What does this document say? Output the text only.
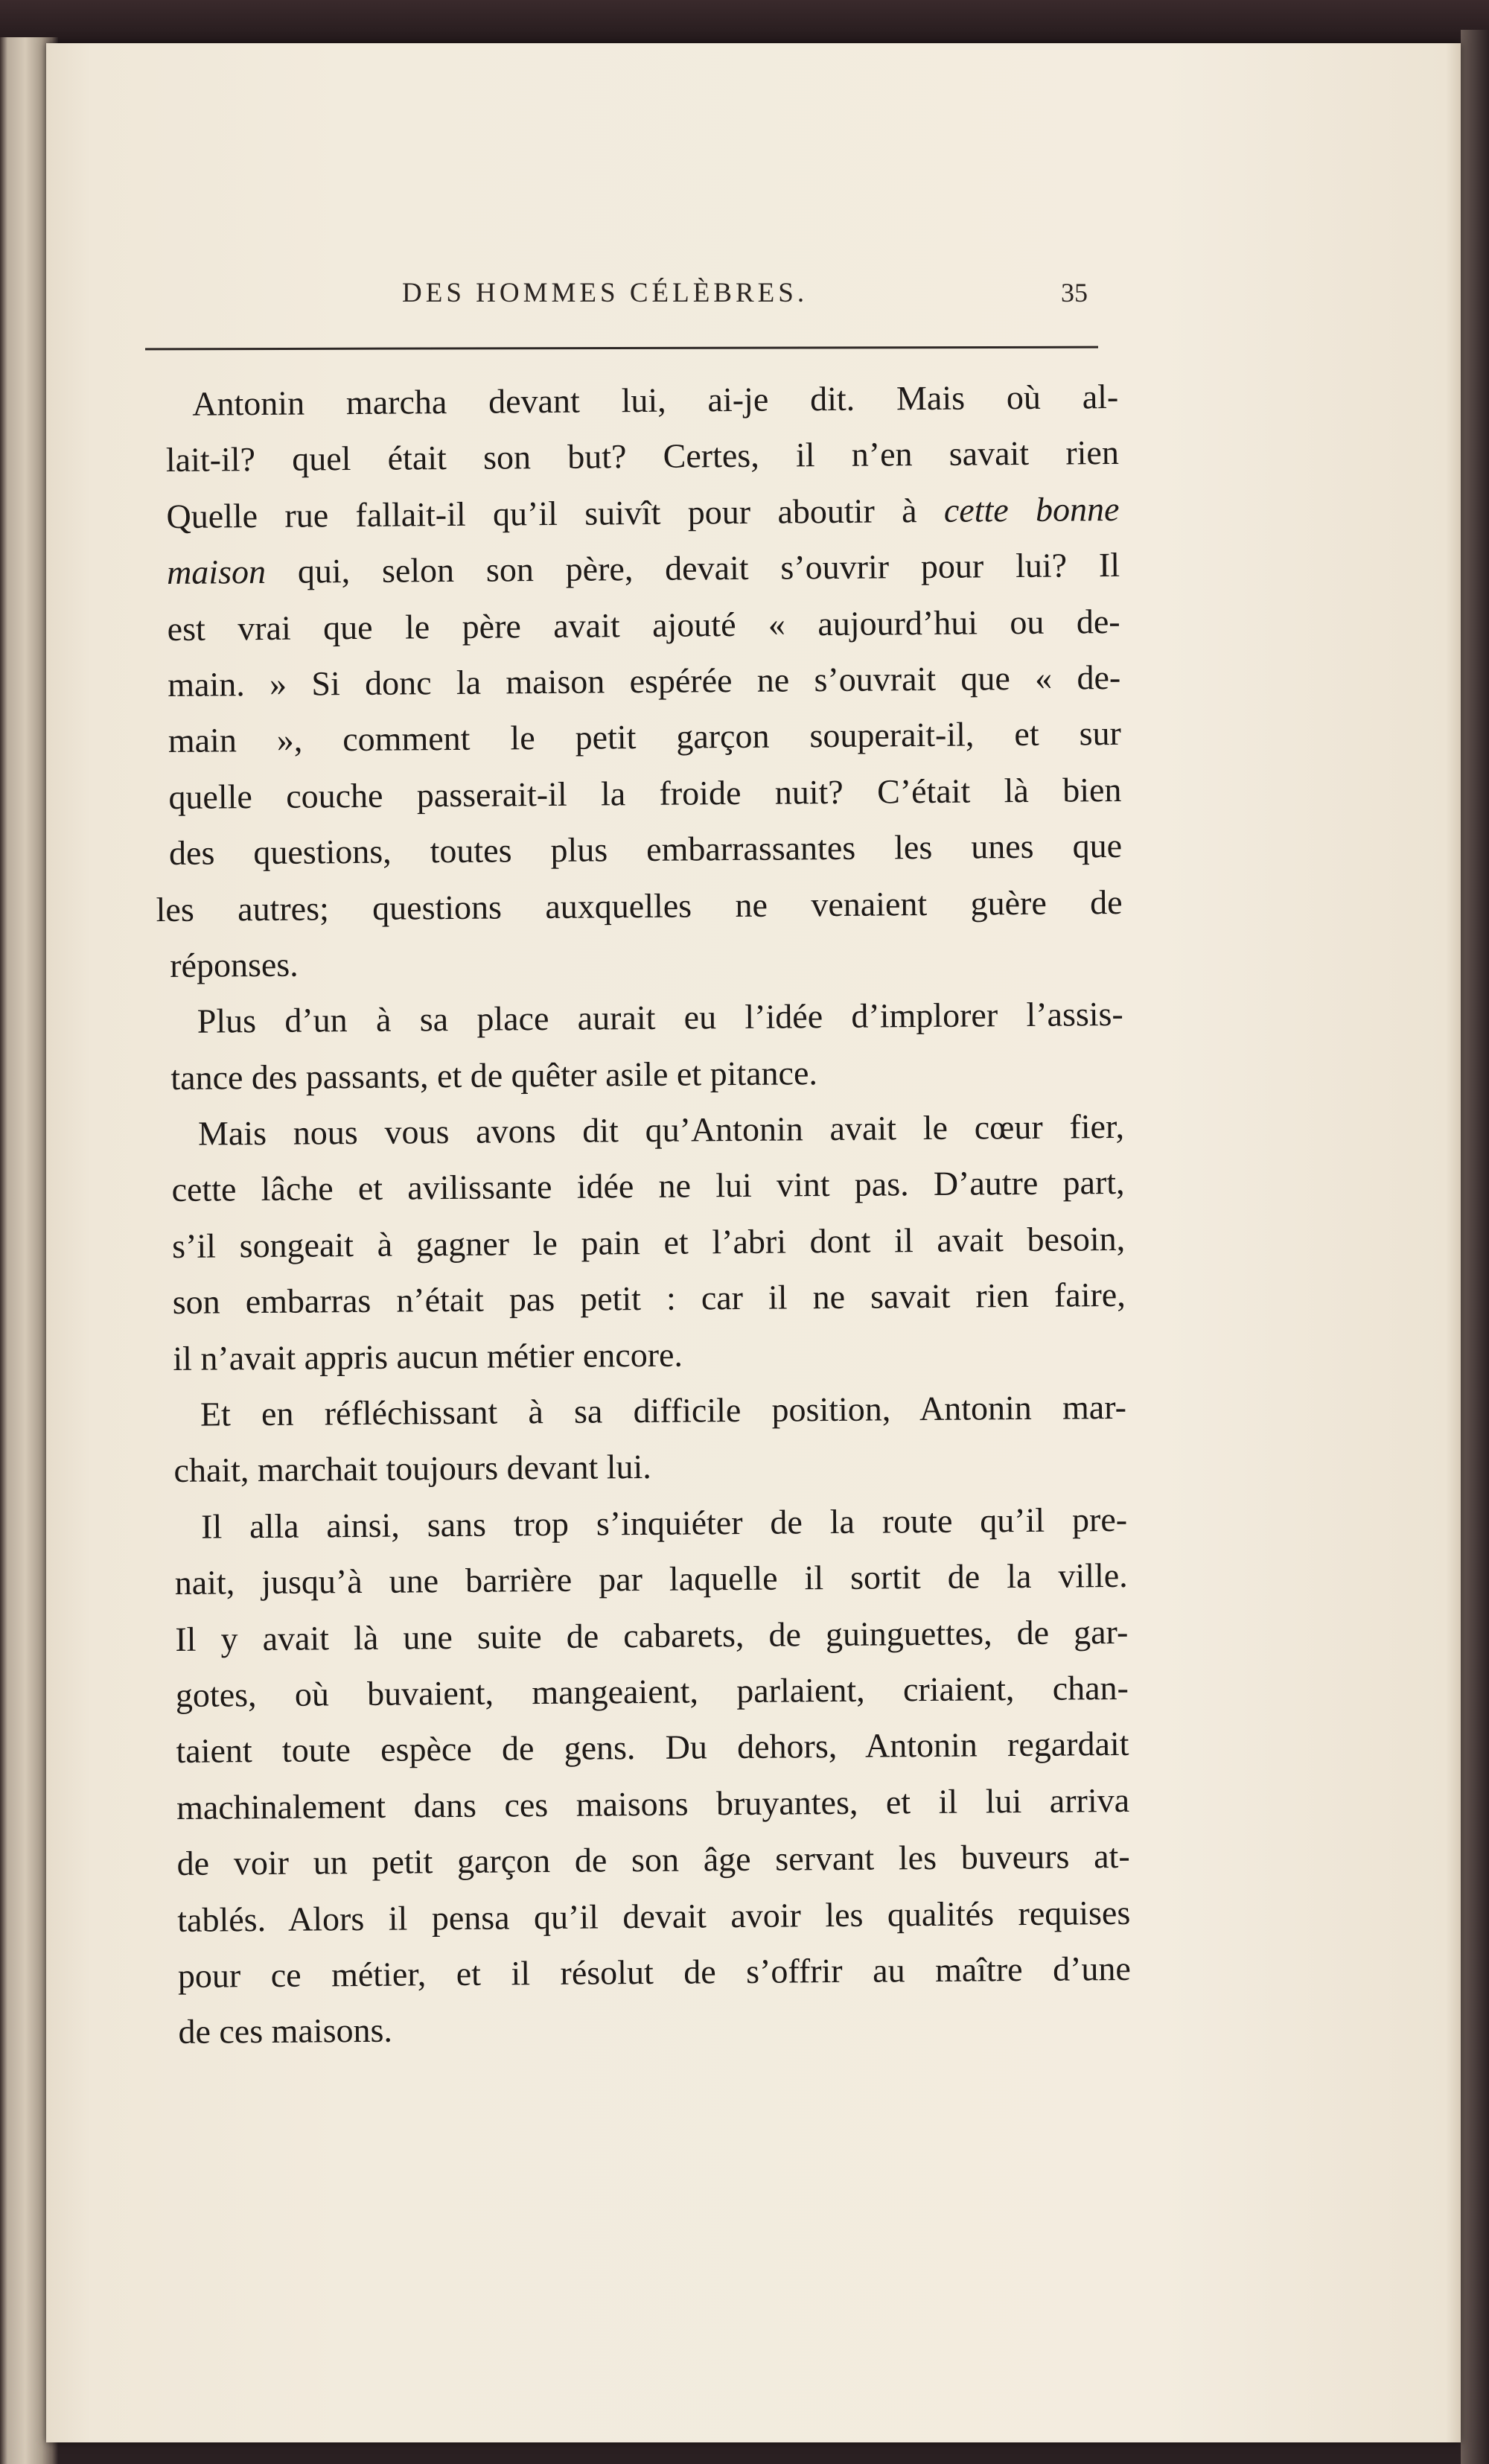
DES HOMMES CÉLÈBRES.	35
Antonin marcha devant lui, ai-je dit. Mais où al-
lait-il? quel était son but? Certes, il n’en savait rien
Quelle rue fallait-il qu’il suivît pour aboutir à cette bonne
maison qui, selon son père, devait s’ouvrir pour lui? Il
est vrai que le père avait ajouté « aujourd’hui ou de-
main. » Si donc la maison espérée ne s’ouvrait que « de-
main », comment le petit garçon souperait-il, et sur
quelle couche passerait-il la froide nuit? C’était là bien
des questions, toutes plus embarrassantes les unes que
les autres; questions auxquelles ne venaient guère de
réponses.
Plus d’un à sa place aurait eu l’idée d’implorer l’assis-
tance des passants, et de quêter asile et pitance.
Mais nous vous avons dit qu’Antonin avait le cœur fier,
cette lâche et avilissante idée ne lui vint pas. D’autre part,
s’il songeait à gagner le pain et l’abri dont il avait besoin,
son embarras n’était pas petit : car il ne savait rien faire,
il n’avait appris aucun métier encore.
Et en réfléchissant à sa difficile position, Antonin mar-
chait, marchait toujours devant lui.
Il alla ainsi, sans trop s’inquiéter de la route qu’il pre-
nait, jusqu’à une barrière par laquelle il sortit de la ville.
Il y avait là une suite de cabarets, de guinguettes, de gar-
gotes, où buvaient, mangeaient, parlaient, criaient, chan-
taient toute espèce de gens. Du dehors, Antonin regardait
machinalement dans ces maisons bruyantes, et il lui arriva
de voir un petit garçon de son âge servant les buveurs at-
tablés. Alors il pensa qu’il devait avoir les qualités requises
pour ce métier, et il résolut de s’offrir au maître d’une
de ces maisons.
